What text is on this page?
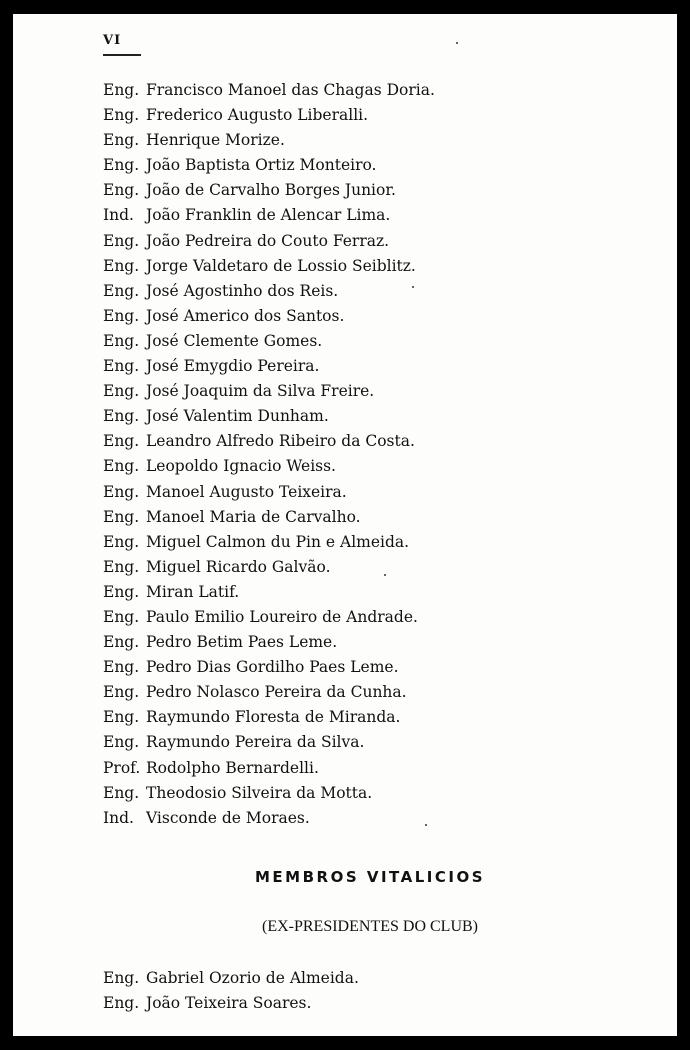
VI
Eng. Francisco Manoel das Chagas Doria.
Eng. Frederico Augusto Liberalli.
Eng. Henrique Morize.
Eng. João Baptista Ortiz Monteiro.
Eng. João de Carvalho Borges Junior.
Ind. João Franklin de Alencar Lima.
Eng. João Pedreira do Couto Ferraz.
Eng. Jorge Valdetaro de Lossio Seiblitz.
Eng. José Agostinho dos Reis.
Eng. José Americo dos Santos.
Eng. José Clemente Gomes.
Eng. José Emygdio Pereira.
Eng. José Joaquim da Silva Freire.
Eng. José Valentim Dunham.
Eng. Leandro Alfredo Ribeiro da Costa.
Eng. Leopoldo Ignacio Weiss.
Eng. Manoel Augusto Teixeira.
Eng. Manoel Maria de Carvalho.
Eng. Miguel Calmon du Pin e Almeida.
Eng. Miguel Ricardo Galvão.
Eng. Miran Latif.
Eng. Paulo Emilio Loureiro de Andrade.
Eng. Pedro Betim Paes Leme.
Eng. Pedro Dias Gordilho Paes Leme.
Eng. Pedro Nolasco Pereira da Cunha.
Eng. Raymundo Floresta de Miranda.
Eng. Raymundo Pereira da Silva.
Prof. Rodolpho Bernardelli.
Eng. Theodosio Silveira da Motta.
Ind. Visconde de Moraes.
MEMBROS VITALICIOS
(EX-PRESIDENTES DO CLUB)
Eng. Gabriel Ozorio de Almeida.
Eng. João Teixeira Soares.
